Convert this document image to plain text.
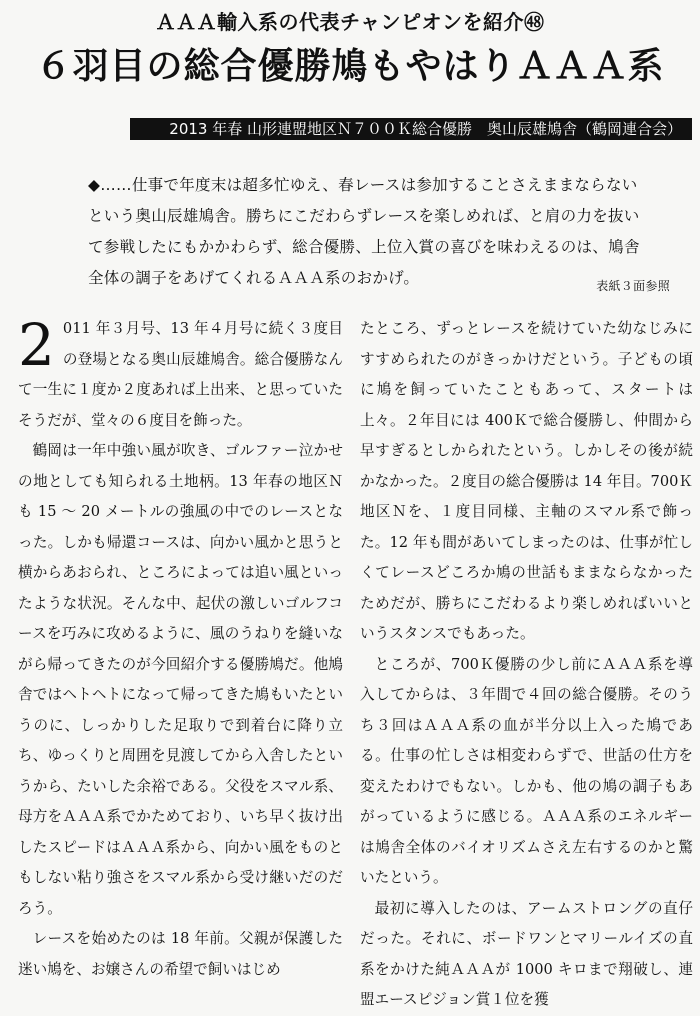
ＡＡＡ輸入系の代表チャンピオンを紹介㊽
６羽目の総合優勝鳩もやはりＡＡＡ系
2013 年春 山形連盟地区Ｎ７００Ｋ総合優勝　奥山辰雄鳩舎（鶴岡連合会）
◆……仕事で年度末は超多忙ゆえ、春レースは参加することさえままならないという奥山辰雄鳩舎。勝ちにこだわらずレースを楽しめれば、と肩の力を抜いて参戦したにもかかわらず、総合優勝、上位入賞の喜びを味わえるのは、鳩舎全体の調子をあげてくれるＡＡＡ系のおかげ。	表紙３面参照

2 011 年３月号、13 年４月号に続く３度目の登場となる奥山辰雄鳩舎。総合優勝なんて一生に１度か２度あれば上出来、と思っていたそうだが、堂々の６度目を飾った。

鶴岡は一年中強い風が吹き、ゴルファー泣かせの地としても知られる土地柄。13 年春の地区Ｎも 15 ～ 20 メートルの強風の中でのレースとなった。しかも帰還コースは、向かい風かと思うと横からあおられ、ところによっては追い風といったような状況。そんな中、起伏の激しいゴルフコースを巧みに攻めるように、風のうねりを縫いながら帰ってきたのが今回紹介する優勝鳩だ。他鳩舎ではヘトヘトになって帰ってきた鳩もいたというのに、しっかりした足取りで到着台に降り立ち、ゆっくりと周囲を見渡してから入舎したというから、たいした余裕である。父役をスマル系、母方をＡＡＡ系でかためており、いち早く抜け出したスピードはＡＡＡ系から、向かい風をものともしない粘り強さをスマル系から受け継いだのだろう。

レースを始めたのは 18 年前。父親が保護した迷い鳩を、お嬢さんの希望で飼いはじめ

たところ、ずっとレースを続けていた幼なじみにすすめられたのがきっかけだという。子どもの頃に鳩を飼っていたこともあって、スタートは上々。２年目には 400Ｋで総合優勝し、仲間から早すぎるとしかられたという。しかしその後が続かなかった。２度目の総合優勝は 14 年目。700Ｋ地区Ｎを、１度目同様、主軸のスマル系で飾った。12 年も間があいてしまったのは、仕事が忙しくてレースどころか鳩の世話もままならなかったためだが、勝ちにこだわるより楽しめればいいというスタンスでもあった。

ところが、700Ｋ優勝の少し前にＡＡＡ系を導入してからは、３年間で４回の総合優勝。そのうち３回はＡＡＡ系の血が半分以上入った鳩である。仕事の忙しさは相変わらずで、世話の仕方を変えたわけでもない。しかも、他の鳩の調子もあがっているように感じる。ＡＡＡ系のエネルギーは鳩舎全体のバイオリズムさえ左右するのかと驚いたという。

最初に導入したのは、アームストロングの直仔だった。それに、ボードワンとマリールイズの直系をかけた純ＡＡＡが 1000 キロまで翔破し、連盟エースピジョン賞１位を獲
